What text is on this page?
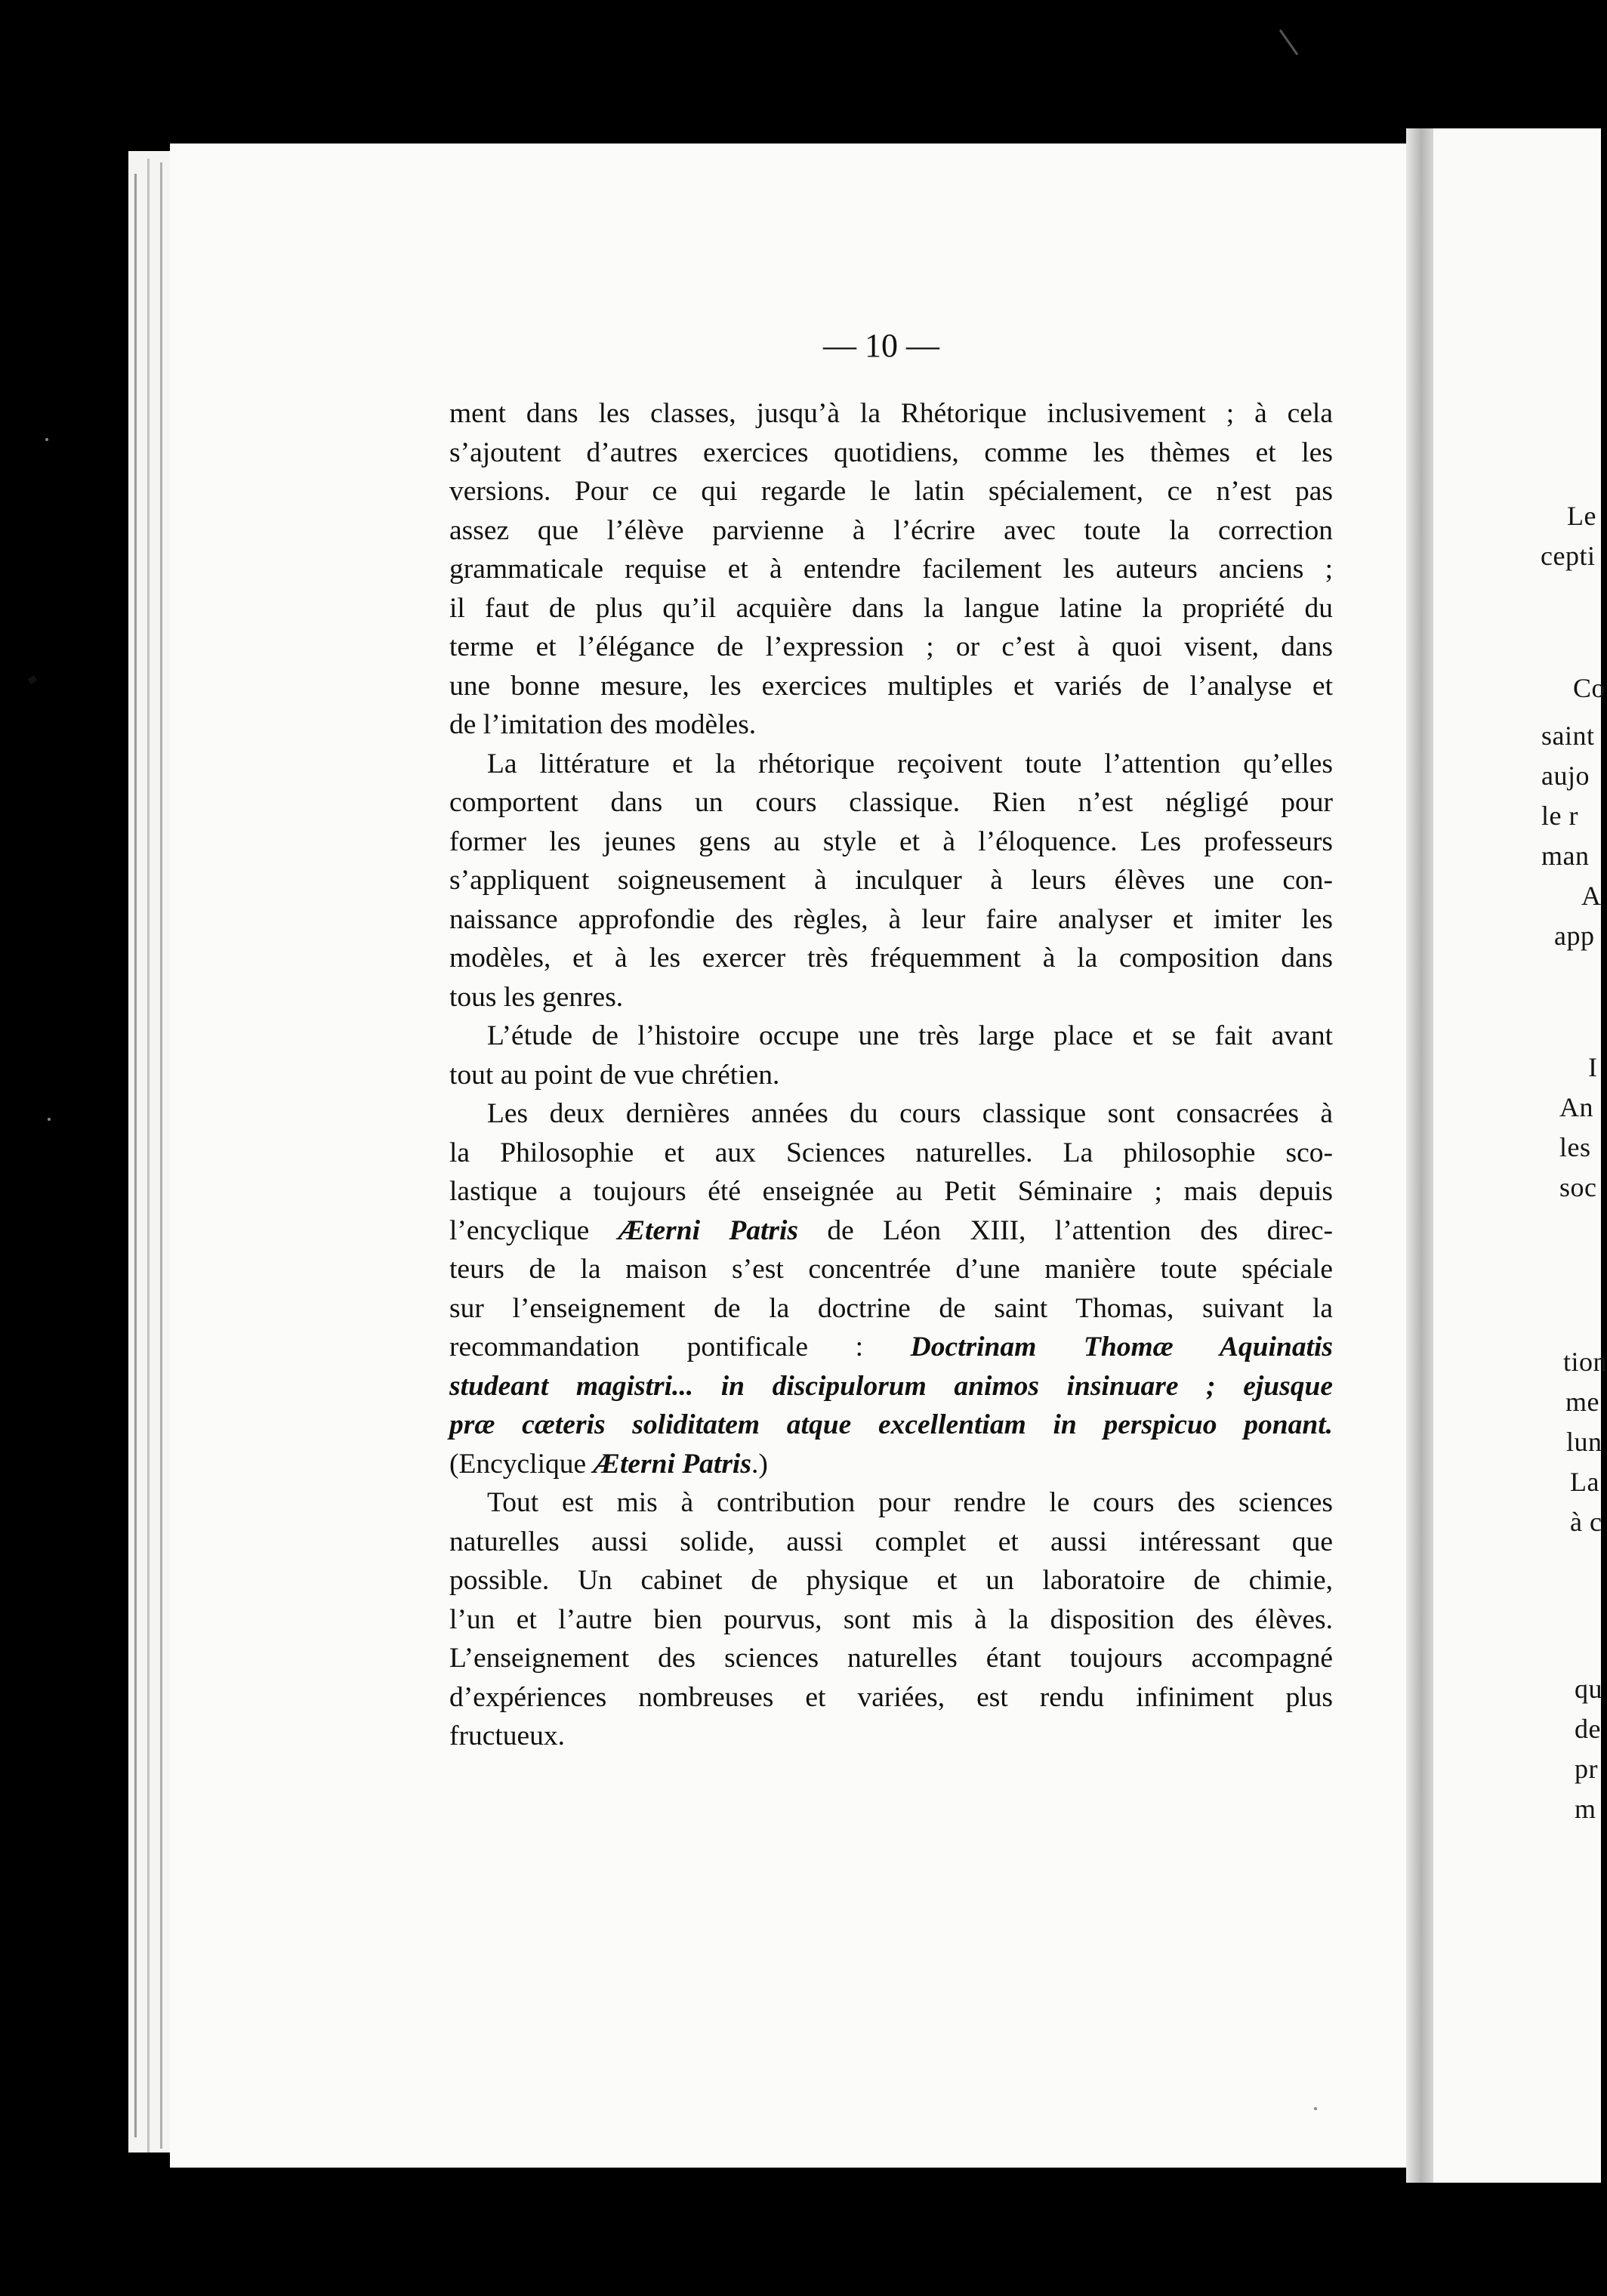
Le
cepti
Co
saint
aujo
le r
man
A
app
I
An
les
soc
tion
me
lun
La
à c
qu
de
pr
m
— 10 —

ment dans les classes, jusqu’à la Rhétorique inclusivement ; à cela
s’ajoutent d’autres exercices quotidiens, comme les thèmes et les
versions. Pour ce qui regarde le latin spécialement, ce n’est pas
assez que l’élève parvienne à l’écrire avec toute la correction
grammaticale requise et à entendre facilement les auteurs anciens ;
il faut de plus qu’il acquière dans la langue latine la propriété du
terme et l’élégance de l’expression ; or c’est à quoi visent, dans
une bonne mesure, les exercices multiples et variés de l’analyse et
de l’imitation des modèles.

La littérature et la rhétorique reçoivent toute l’attention qu’elles
comportent dans un cours classique. Rien n’est négligé pour
former les jeunes gens au style et à l’éloquence. Les professeurs
s’appliquent soigneusement à inculquer à leurs élèves une con-
naissance approfondie des règles, à leur faire analyser et imiter les
modèles, et à les exercer très fréquemment à la composition dans
tous les genres.

L’étude de l’histoire occupe une très large place et se fait avant
tout au point de vue chrétien.

Les deux dernières années du cours classique sont consacrées à
la Philosophie et aux Sciences naturelles. La philosophie sco-
lastique a toujours été enseignée au Petit Séminaire ; mais depuis
l’encyclique Æterni Patris de Léon XIII, l’attention des direc-
teurs de la maison s’est concentrée d’une manière toute spéciale
sur l’enseignement de la doctrine de saint Thomas, suivant la
recommandation pontificale : Doctrinam Thomæ Aquinatis
studeant magistri... in discipulorum animos insinuare ; ejusque
præ cæteris soliditatem atque excellentiam in perspicuo ponant.
(Encyclique Æterni Patris.)

Tout est mis à contribution pour rendre le cours des sciences
naturelles aussi solide, aussi complet et aussi intéressant que
possible. Un cabinet de physique et un laboratoire de chimie,
l’un et l’autre bien pourvus, sont mis à la disposition des élèves.
L’enseignement des sciences naturelles étant toujours accompagné
d’expériences nombreuses et variées, est rendu infiniment plus
fructueux.
